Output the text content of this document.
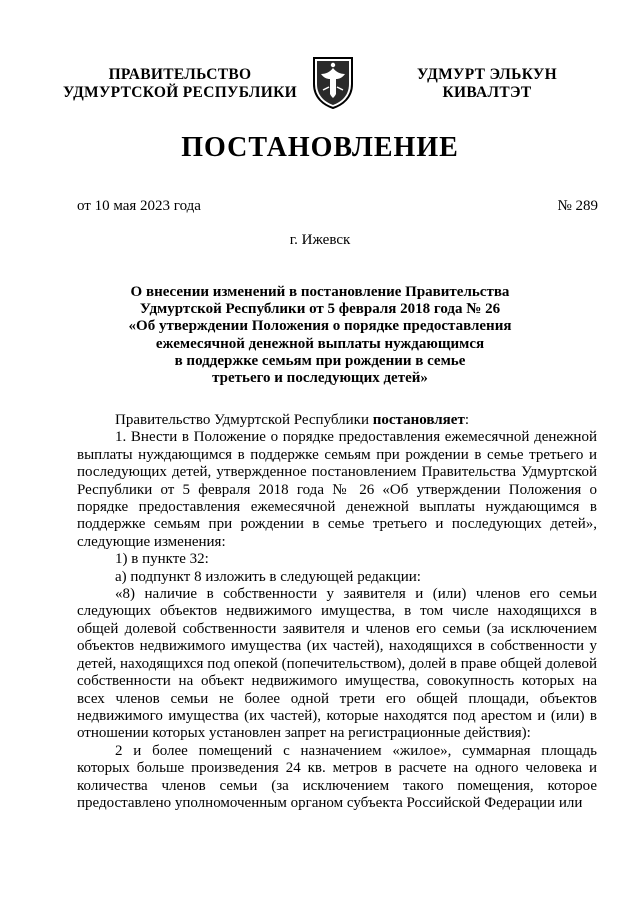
ПРАВИТЕЛЬСТВО
УДМУРТСКОЙ РЕСПУБЛИКИ
УДМУРТ ЭЛЬКУН
КИВАЛТЭТ
ПОСТАНОВЛЕНИЕ
от 10 мая 2023 года	№ 289
г. Ижевск
О внесении изменений в постановление Правительства
Удмуртской Республики от 5 февраля 2018 года № 26
«Об утверждении Положения о порядке предоставления
ежемесячной денежной выплаты нуждающимся
в поддержке семьям при рождении в семье
третьего и последующих детей»

Правительство Удмуртской Республики постановляет:

1. Внести в Положение о порядке предоставления ежемесячной денежной выплаты нуждающимся в поддержке семьям при рождении в семье третьего и последующих детей, утвержденное постановлением Правительства Удмуртской Республики от 5 февраля 2018 года № 26 «Об утверждении Положения о порядке предоставления ежемесячной денежной выплаты нуждающимся в поддержке семьям при рождении в семье третьего и последующих детей», следующие изменения:

1) в пункте 32:

а) подпункт 8 изложить в следующей редакции:

«8) наличие в собственности у заявителя и (или) членов его семьи следующих объектов недвижимого имущества, в том числе находящихся в общей долевой собственности заявителя и членов его семьи (за исключением объектов недвижимого имущества (их частей), находящихся в собственности у детей, находящихся под опекой (попечительством), долей в праве общей долевой собственности на объект недвижимого имущества, совокупность которых на всех членов семьи не более одной трети его общей площади, объектов недвижимого имущества (их частей), которые находятся под арестом и (или) в отношении которых установлен запрет на регистрационные действия):

2 и более помещений с назначением «жилое», суммарная площадь которых больше произведения 24 кв. метров в расчете на одного человека и количества членов семьи (за исключением такого помещения, которое предоставлено уполномоченным органом субъекта Российской Федерации или
